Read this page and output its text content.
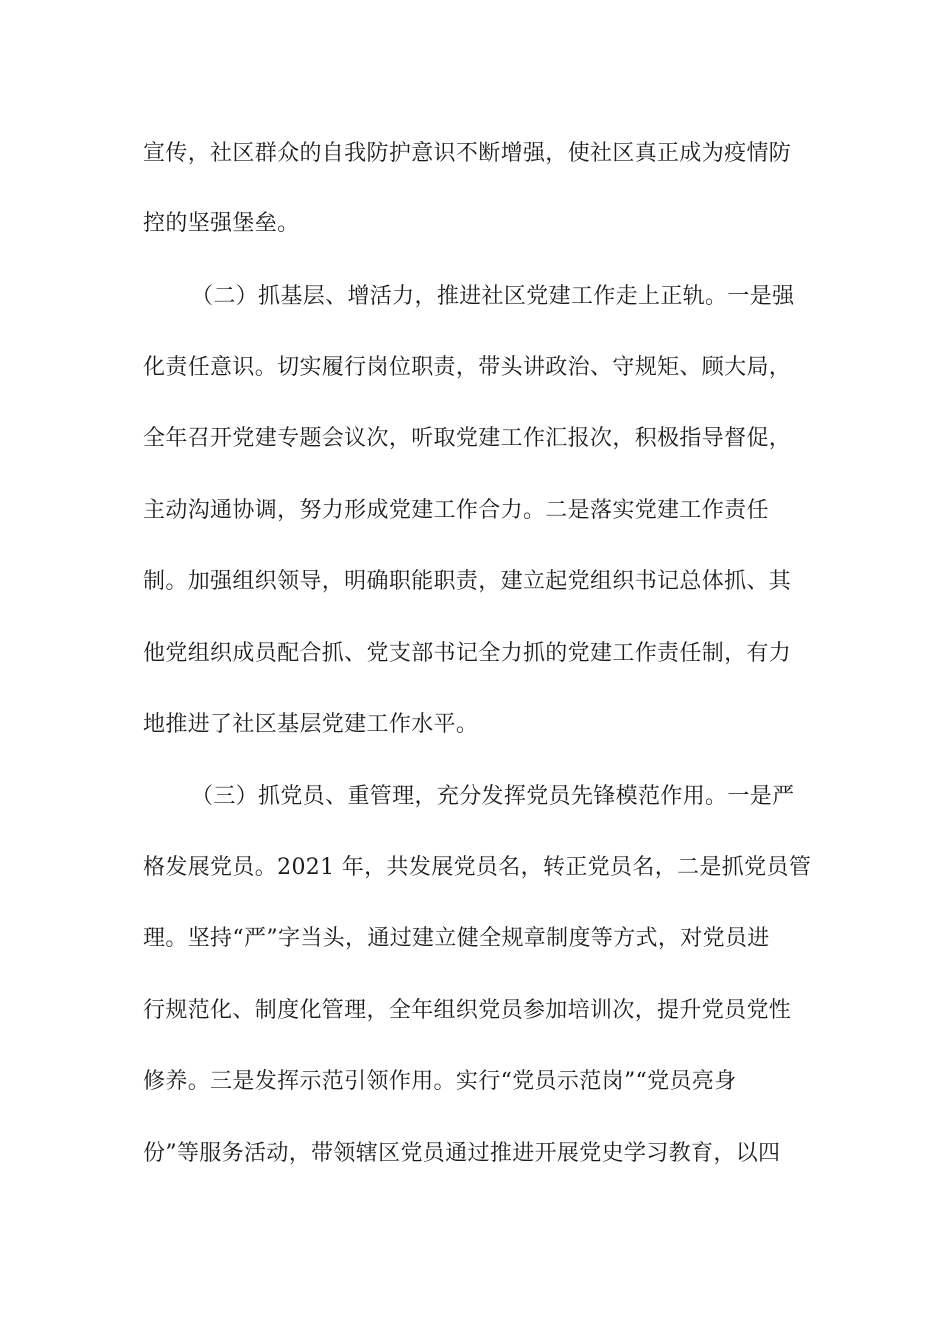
宣传，社区群众的自我防护意识不断增强，使社区真正成为疫情防
控的坚强堡垒。
（二）抓基层、增活力，推进社区党建工作走上正轨。一是强
化责任意识。切实履行岗位职责，带头讲政治、守规矩、顾大局，
全年召开党建专题会议次，听取党建工作汇报次，积极指导督促，
主动沟通协调，努力形成党建工作合力。二是落实党建工作责任
制。加强组织领导，明确职能职责，建立起党组织书记总体抓、其
他党组织成员配合抓、党支部书记全力抓的党建工作责任制，有力
地推进了社区基层党建工作水平。
（三）抓党员、重管理，充分发挥党员先锋模范作用。一是严
格发展党员。2021 年，共发展党员名，转正党员名，二是抓党员管
理。坚持“严”字当头，通过建立健全规章制度等方式，对党员进
行规范化、制度化管理，全年组织党员参加培训次，提升党员党性
修养。三是发挥示范引领作用。实行“党员示范岗”“党员亮身
份”等服务活动，带领辖区党员通过推进开展党史学习教育，以四
